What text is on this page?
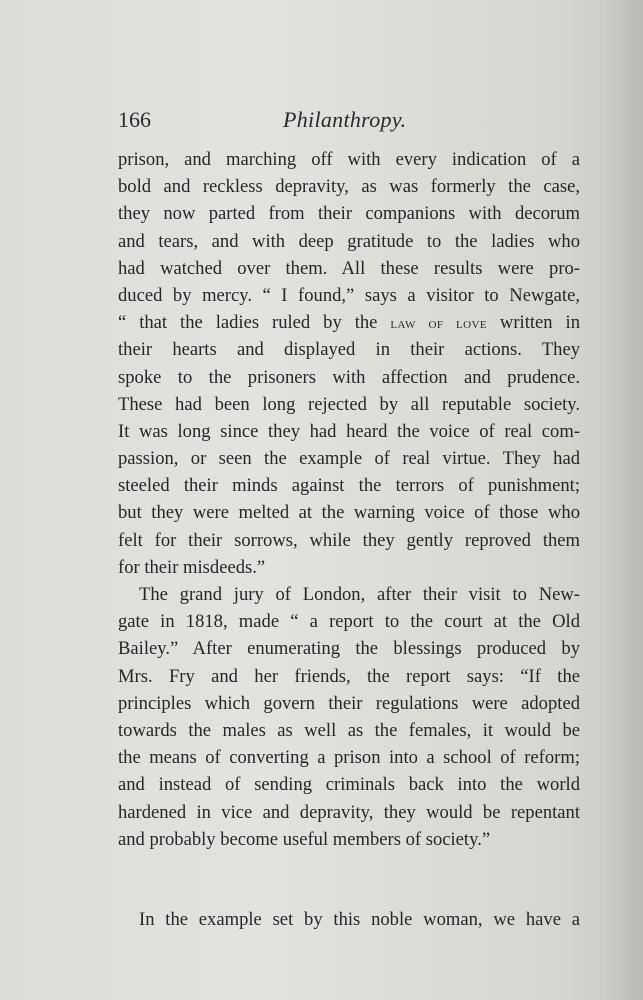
166	Philanthropy.
prison, and marching off with every indication of a
bold and reckless depravity, as was formerly the case,
they now parted from their companions with decorum
and tears, and with deep gratitude to the ladies who
had watched over them. All these results were pro-
duced by mercy. “ I found,” says a visitor to Newgate,
“ that the ladies ruled by the law of love written in
their hearts and displayed in their actions. They
spoke to the prisoners with affection and prudence.
These had been long rejected by all reputable society.
It was long since they had heard the voice of real com-
passion, or seen the example of real virtue. They had
steeled their minds against the terrors of punishment;
but they were melted at the warning voice of those who
felt for their sorrows, while they gently reproved them
for their misdeeds.”
The grand jury of London, after their visit to New-
gate in 1818, made “ a report to the court at the Old
Bailey.” After enumerating the blessings produced by
Mrs. Fry and her friends, the report says: “If the
principles which govern their regulations were adopted
towards the males as well as the females, it would be
the means of converting a prison into a school of reform;
and instead of sending criminals back into the world
hardened in vice and depravity, they would be repentant
and probably become useful members of society.”
In the example set by this noble woman, we have a
